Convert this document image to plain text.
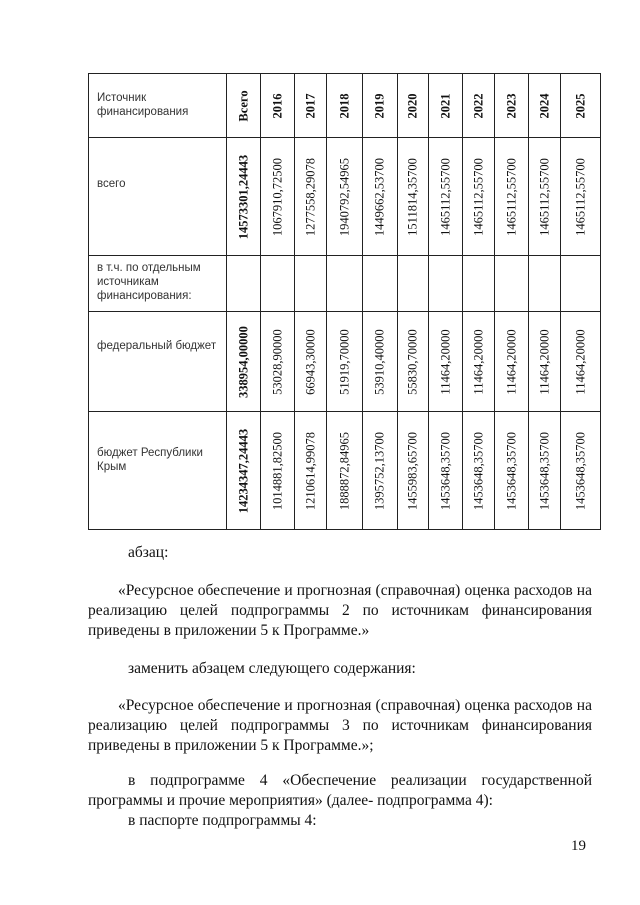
Источник финансирования	Всего	2016	2017	2018	2019	2020	2021	2022	2023	2024	2025

всего	14573301,24443	1067910,72500	1277558,29078	1940792,54965	1449662,53700	1511814,35700	1465112,55700	1465112,55700	1465112,55700	1465112,55700	1465112,55700

в т.ч. по отдельным источникам финансирования:											

федеральный бюджет	338954,00000	53028,90000	66943,30000	51919,70000	53910,40000	55830,70000	11464,20000	11464,20000	11464,20000	11464,20000	11464,20000

бюджет Республики Крым	14234347,24443	1014881,82500	1210614,99078	1888872,84965	1395752,13700	1455983,65700	1453648,35700	1453648,35700	1453648,35700	1453648,35700	1453648,35700

абзац:

«Ресурсное обеспечение и прогнозная (справочная) оценка расходов на

реализацию целей подпрограммы 2 по источникам финансирования

приведены в приложении 5 к Программе.»

заменить абзацем следующего содержания:

«Ресурсное обеспечение и прогнозная (справочная) оценка расходов на

реализацию целей подпрограммы 3 по источникам финансирования

приведены в приложении 5 к Программе.»;

в подпрограмме 4 «Обеспечение реализации государственной

программы и прочие мероприятия» (далее- подпрограмма 4):

в паспорте подпрограммы 4:

19
